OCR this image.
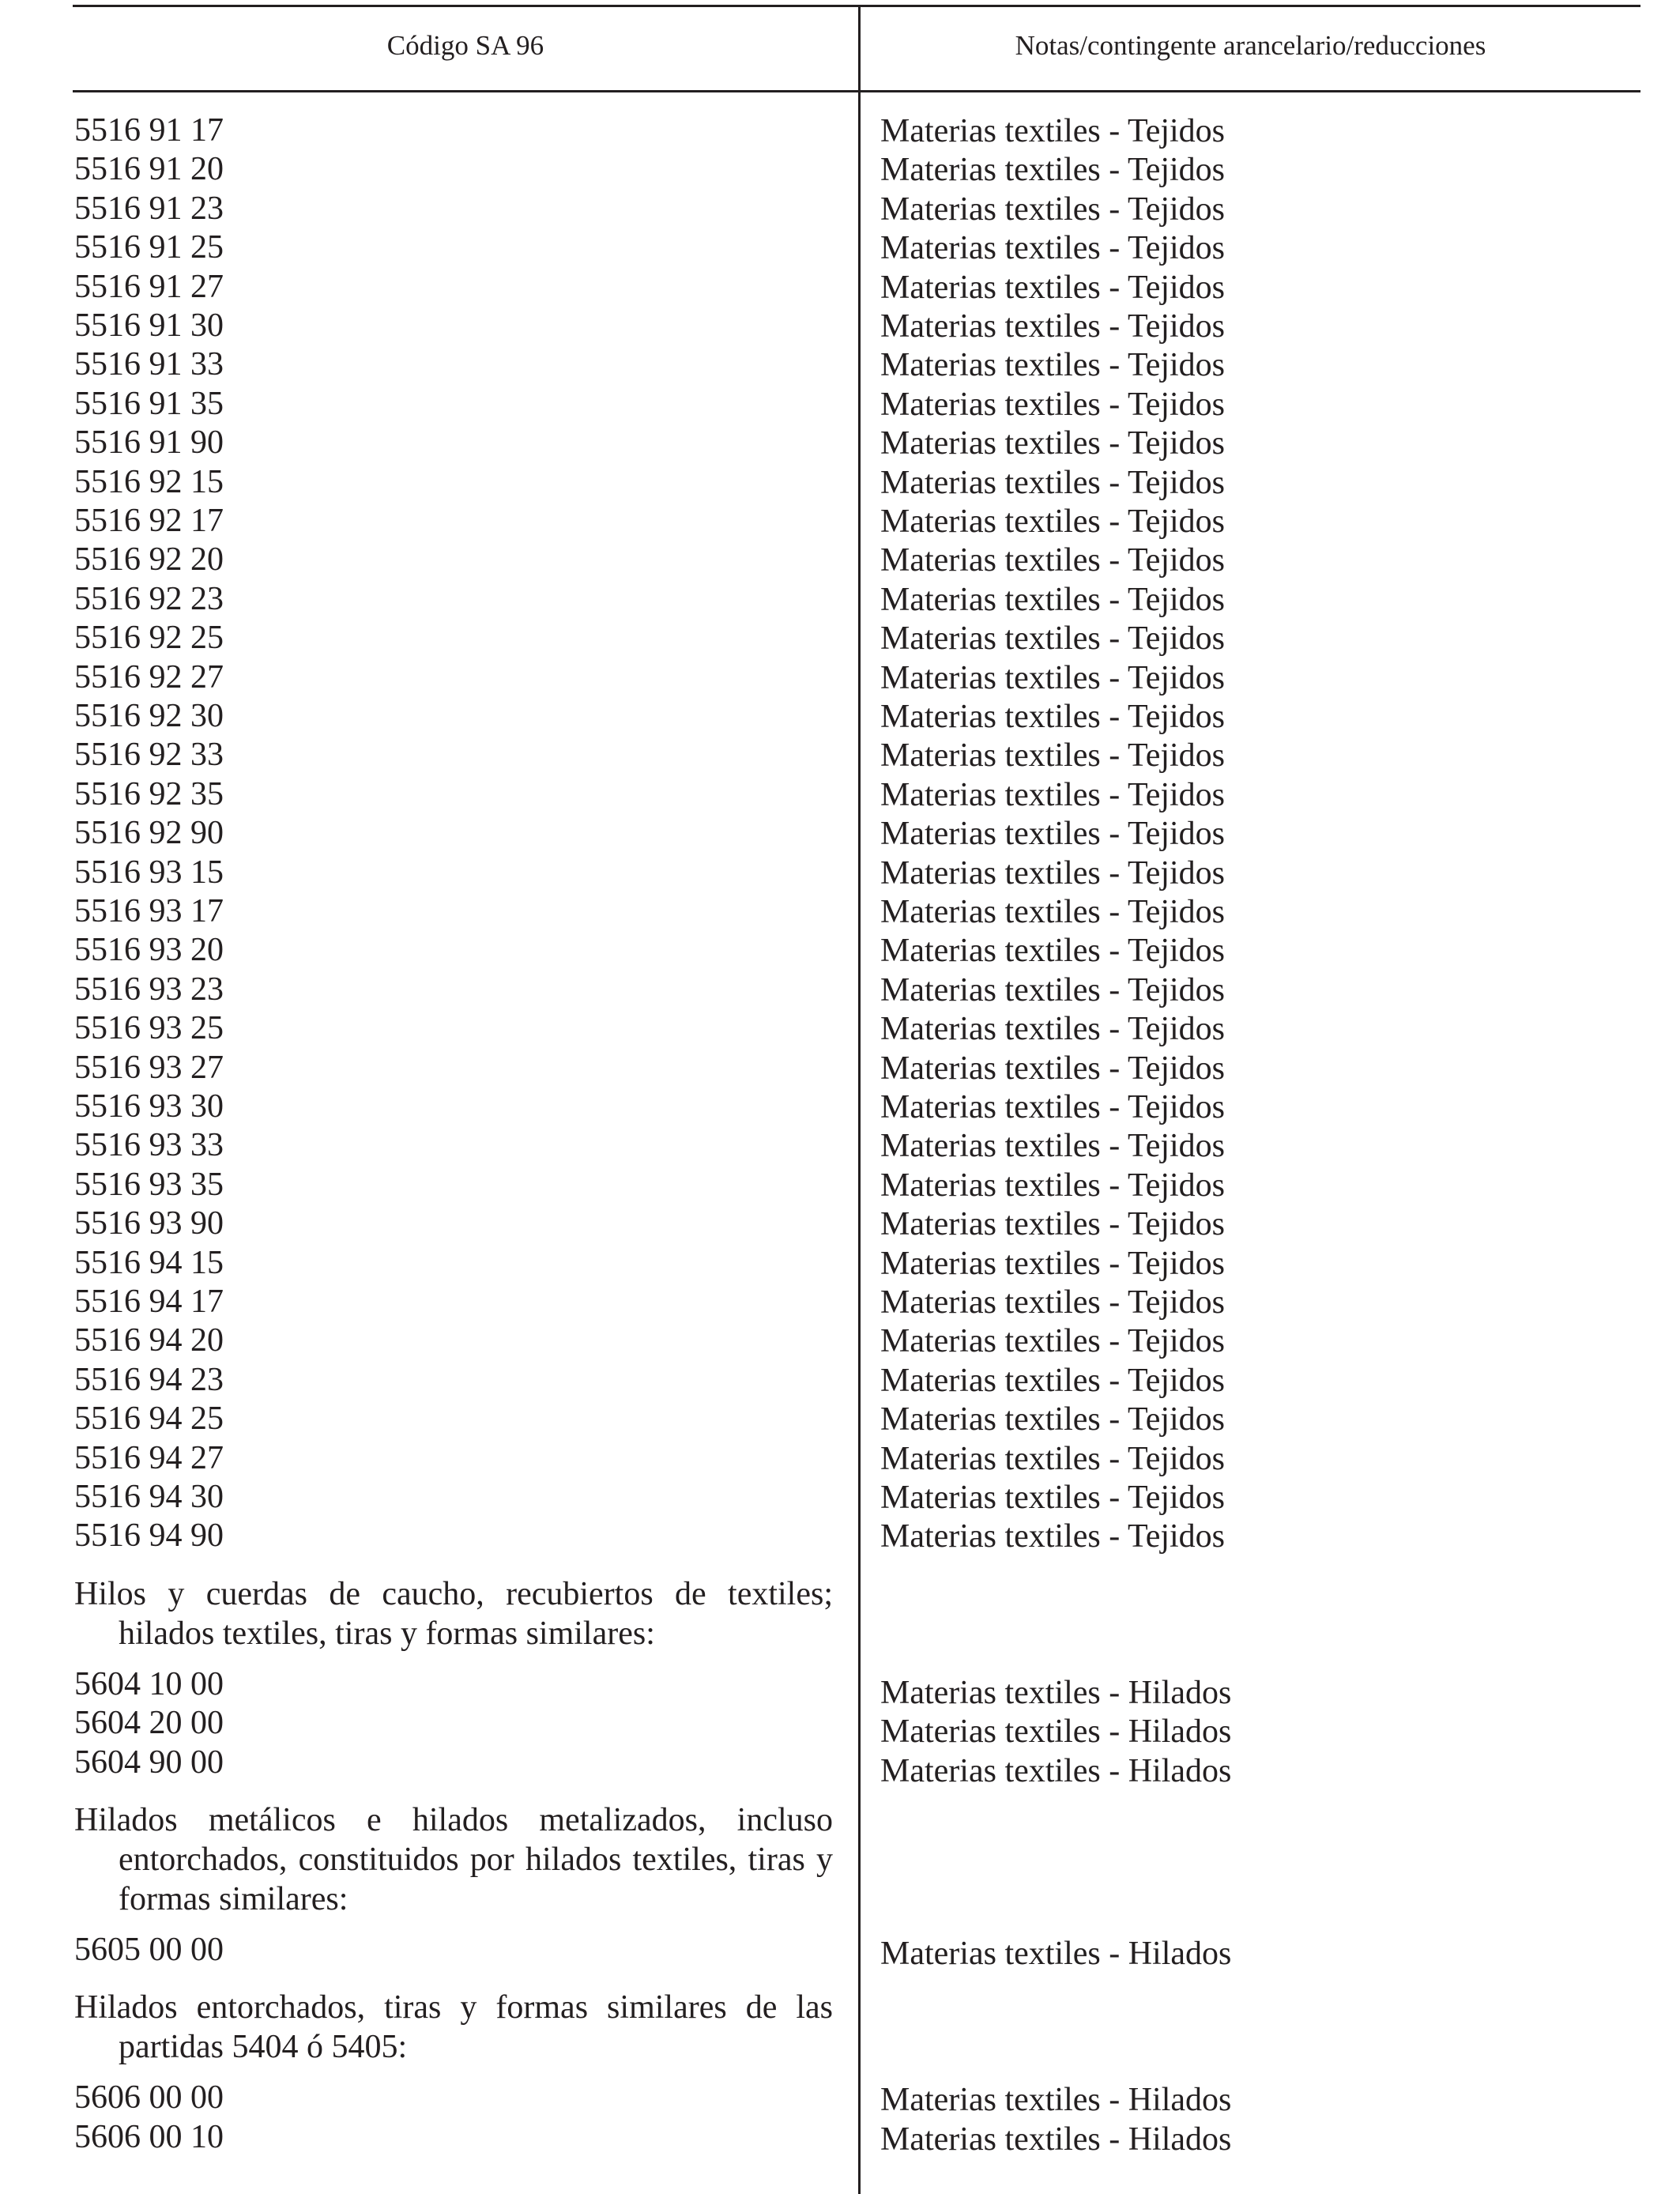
Código SA 96	Notas/contingente arancelario/reducciones
5516 91 17	Materias textiles - Tejidos
5516 91 20	Materias textiles - Tejidos
5516 91 23	Materias textiles - Tejidos
5516 91 25	Materias textiles - Tejidos
5516 91 27	Materias textiles - Tejidos
5516 91 30	Materias textiles - Tejidos
5516 91 33	Materias textiles - Tejidos
5516 91 35	Materias textiles - Tejidos
5516 91 90	Materias textiles - Tejidos
5516 92 15	Materias textiles - Tejidos
5516 92 17	Materias textiles - Tejidos
5516 92 20	Materias textiles - Tejidos
5516 92 23	Materias textiles - Tejidos
5516 92 25	Materias textiles - Tejidos
5516 92 27	Materias textiles - Tejidos
5516 92 30	Materias textiles - Tejidos
5516 92 33	Materias textiles - Tejidos
5516 92 35	Materias textiles - Tejidos
5516 92 90	Materias textiles - Tejidos
5516 93 15	Materias textiles - Tejidos
5516 93 17	Materias textiles - Tejidos
5516 93 20	Materias textiles - Tejidos
5516 93 23	Materias textiles - Tejidos
5516 93 25	Materias textiles - Tejidos
5516 93 27	Materias textiles - Tejidos
5516 93 30	Materias textiles - Tejidos
5516 93 33	Materias textiles - Tejidos
5516 93 35	Materias textiles - Tejidos
5516 93 90	Materias textiles - Tejidos
5516 94 15	Materias textiles - Tejidos
5516 94 17	Materias textiles - Tejidos
5516 94 20	Materias textiles - Tejidos
5516 94 23	Materias textiles - Tejidos
5516 94 25	Materias textiles - Tejidos
5516 94 27	Materias textiles - Tejidos
5516 94 30	Materias textiles - Tejidos
5516 94 90	Materias textiles - Tejidos
Hilos y cuerdas de caucho, recubiertos de textiles; hilados textiles, tiras y formas similares:
5604 10 00	Materias textiles - Hilados
5604 20 00	Materias textiles - Hilados
5604 90 00	Materias textiles - Hilados
Hilados metálicos e hilados metalizados, incluso entorchados, constituidos por hilados textiles, tiras y formas similares:
5605 00 00	Materias textiles - Hilados
Hilados entorchados, tiras y formas similares de las partidas 5404 ó 5405:
5606 00 00	Materias textiles - Hilados
5606 00 10	Materias textiles - Hilados
